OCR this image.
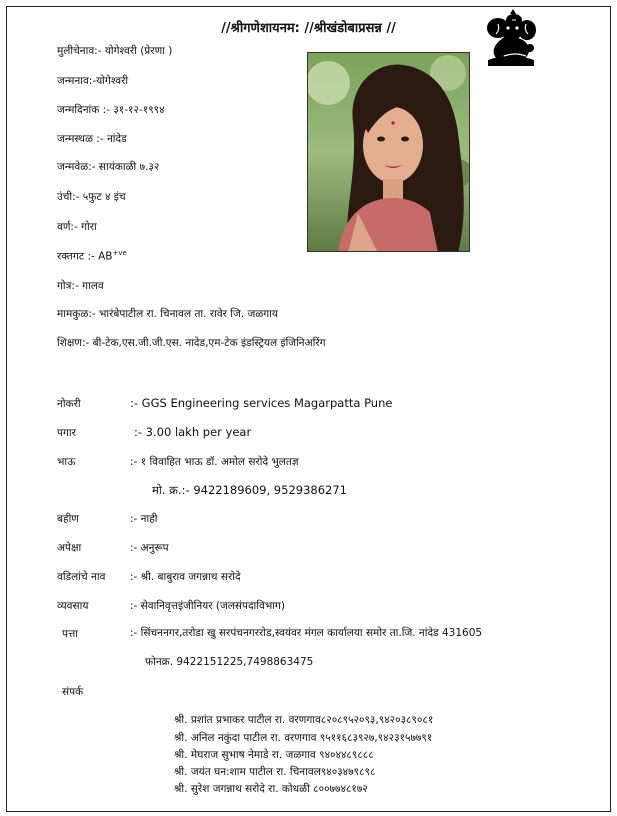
//श्रीगणेशायनम: //श्रीखंडोबाप्रसन्न //
मुलीचेनाव:- योगेश्वरी (प्रेरणा )
जन्मनाव:-योगेश्वरी
जन्मदिनांक :- ३१-१२-१९९४
जन्मस्थळ :- नांदेड
जन्मवेळ:- सायंकाळी ७.३२
उंची:- ५फुट ४ इंच
वर्ण:- गोरा
रक्तगट :- $AB^{+ve}$
गोत्र:- गालव
मामकुळ:- भारंबेपाटील रा. चिनावल ता. रावेर जि. जळगाय
शिक्षण:- बी-टेक,एस.जी.जी.एस. नादेड,एम-टेक इंडस्ट्रियल इंजिनिअरिंग
नोकरी	:- GGS Engineering services Magarpatta Pune
पगार	:- 3.00 lakh per year
भाऊ	:- १ विवाहित भाऊ डॉ. अमोल सरोदे भुलतज्ञ
मो. क्र.:- 9422189609, 9529386271
बहीण	:- नाही
अपेक्षा	:- अनुरूप
वडिलांचे नाव :- श्री. बाबुराव जगन्नाथ सरोदे
व्यवसाय	:- सेवानिवृत्तइंजीनियर (जलसंपदाविभाग)
पत्ता	:- सिंचननगर,तरोडा खु सरपंचनगररोड,स्वयंवर मंगल कार्यालया समोर ता.जि. नांदेड 431605
फोनक्र. 9422151225,7498863475
संपर्क
श्री. प्रशांत प्रभाकर पाटील रा. वरणगाव८२०८९५२०९३,९४२०३८९०८१
श्री. अनिल नकुंदा पाटील रा. वरणगाव ९५११६८३९२७,९४२३१५७७९१
श्री. मेघराज सुभाष नेमाडे रा. जळगाव ९४०४४८९८८८
श्री. जयंत घन:शाम पाटील रा. चिनावल९४०३४७९८९८
श्री. सुरेश जगन्नाथ सरोदे रा. कोधळी ८००७७४८१७२
